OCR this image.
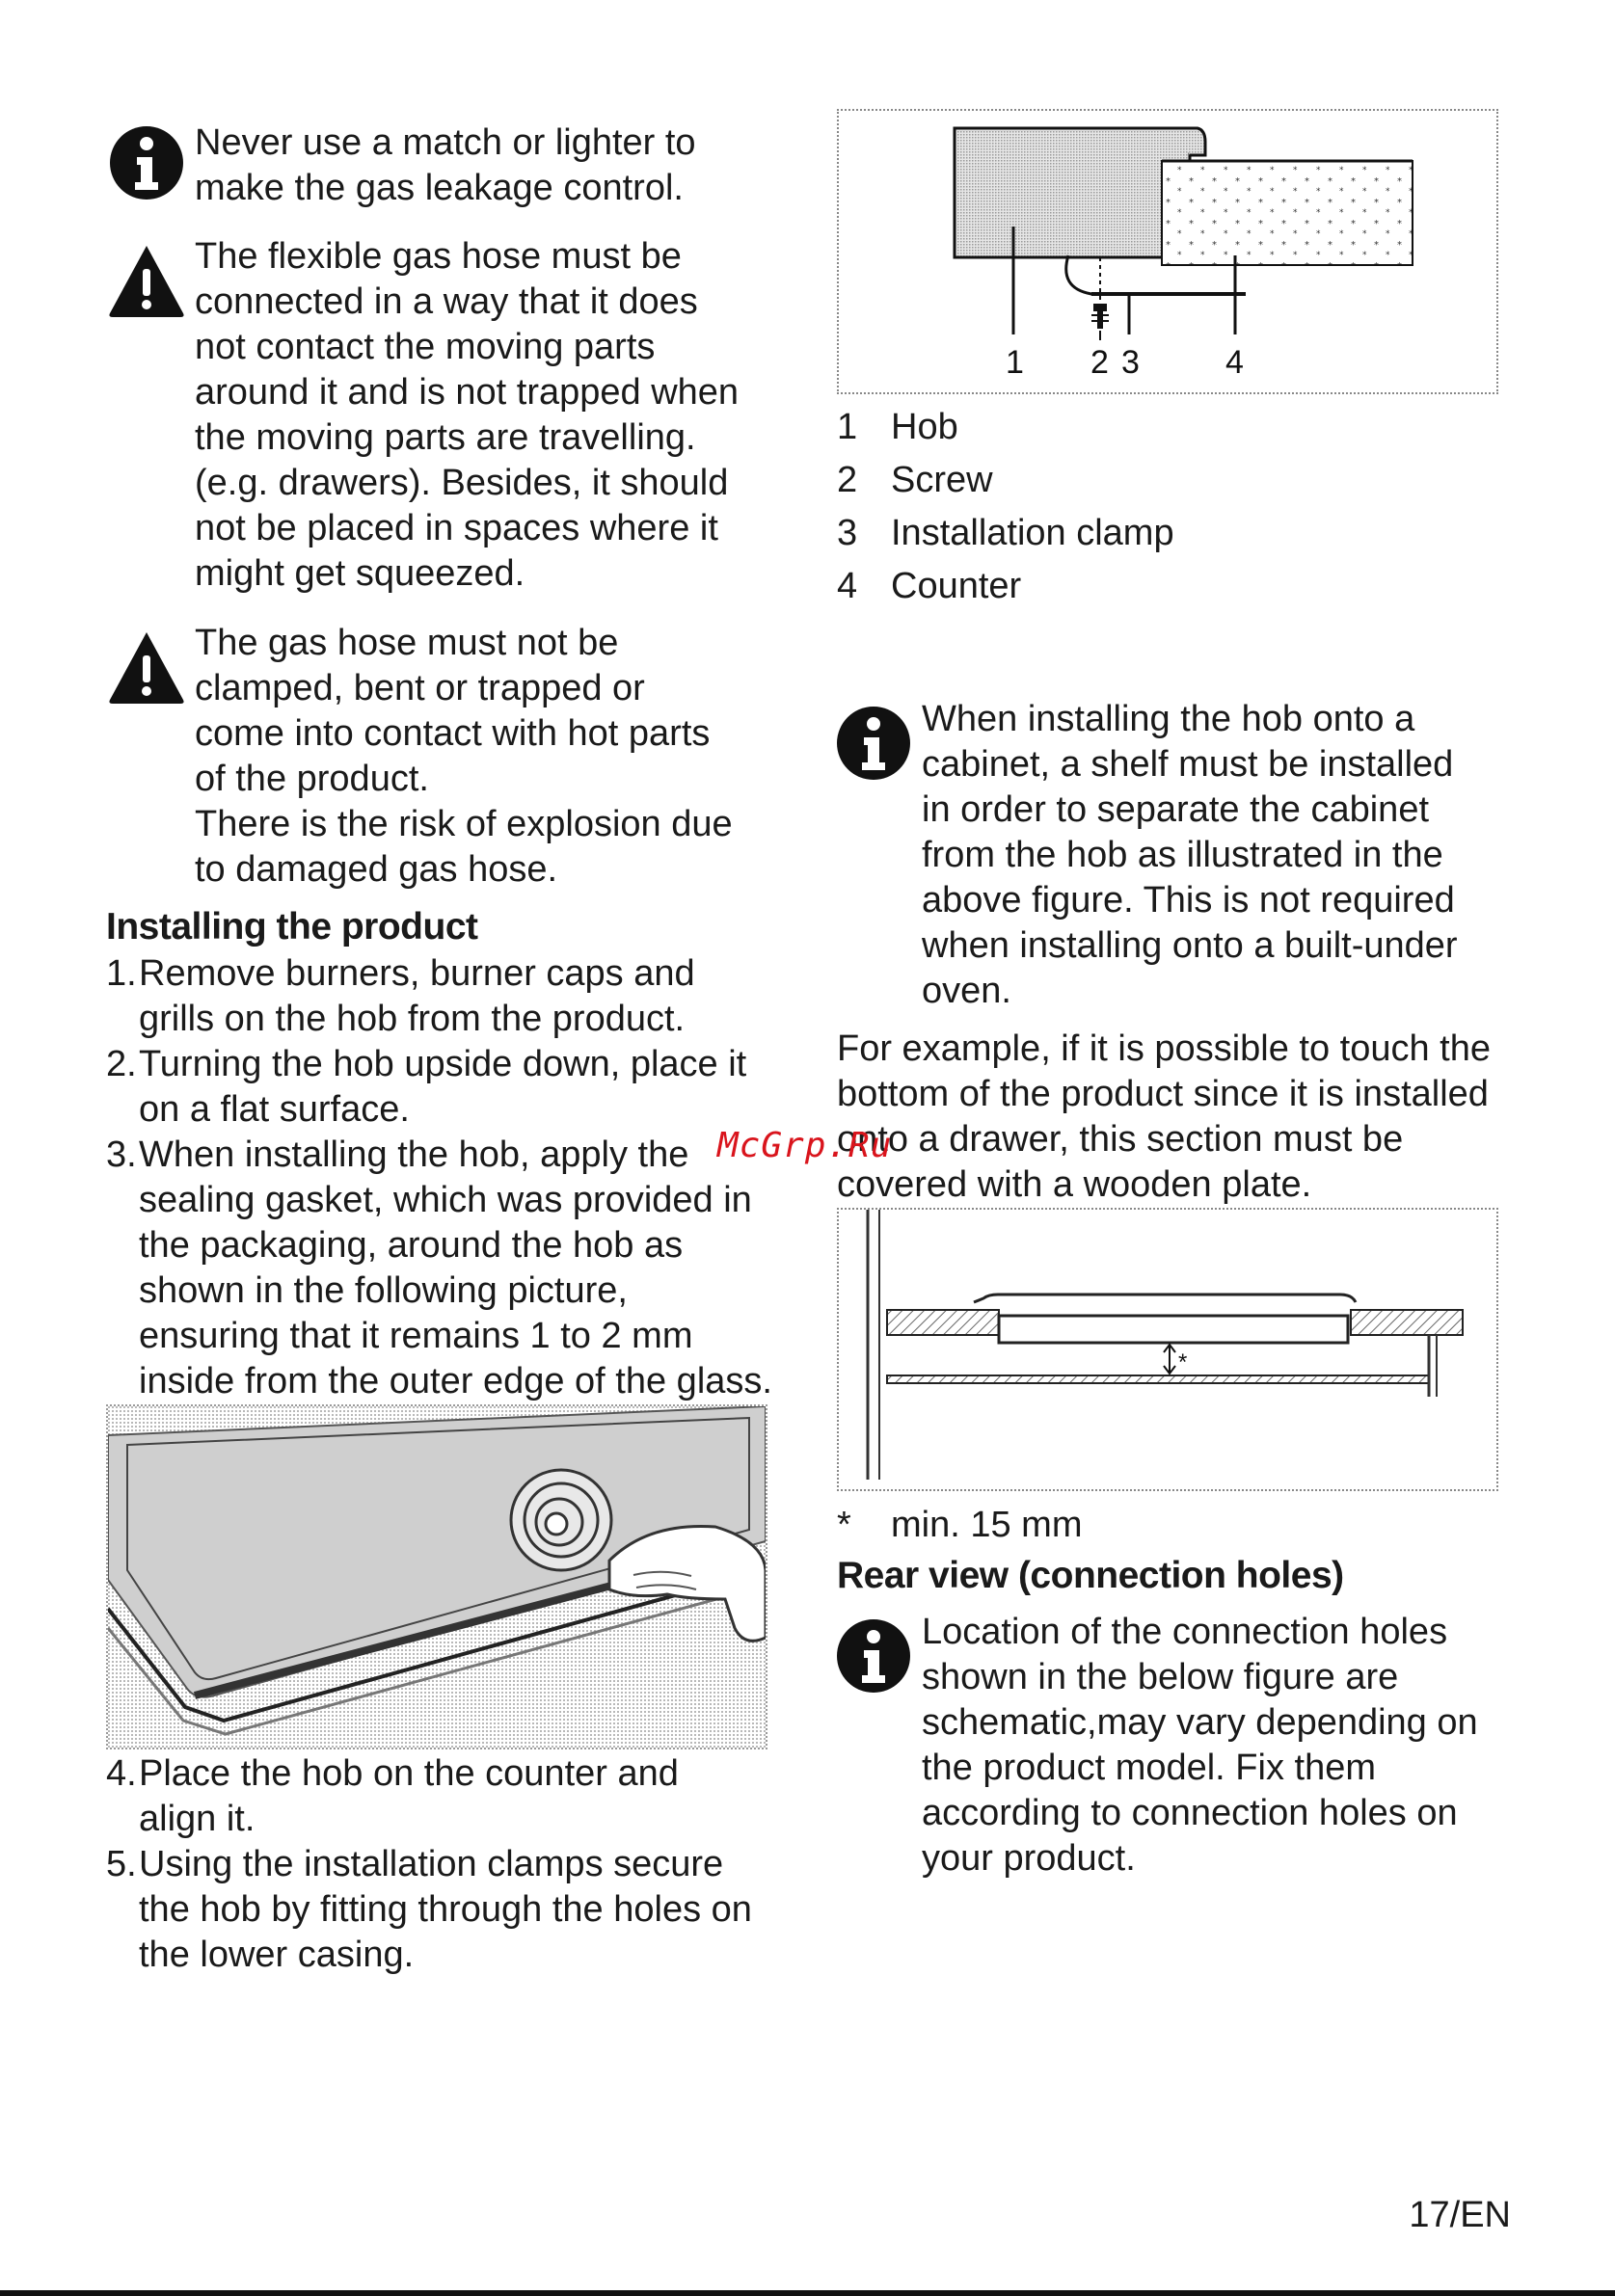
Never use a match or lighter to
make the gas leakage control.
The flexible gas hose must be
connected in a way that it does
not contact the moving parts
around it and is not trapped when
the moving parts are travelling.
(e.g. drawers). Besides, it should
not be placed in spaces where it
might get squeezed.
The gas hose must not be
clamped, bent or trapped or
come into contact with hot parts
of the product.
There is the risk of explosion due
to damaged gas hose.
Installing the product
1. Remove burners, burner caps and
grills on the hob from the product.
2. Turning the hob upside down, place it
on a flat surface.
3. When installing the hob, apply the
sealing gasket, which was provided in
the packaging, around the hob as
shown in the following picture,
ensuring that it remains 1 to 2 mm
inside from the outer edge of the glass.
4. Place the hob on the counter and
align it.
5. Using the installation clamps secure
the hob by fitting through the holes on
the lower casing.
1 2 3	4
1 Hob
2 Screw
3 Installation clamp
4 Counter
When installing the hob onto a
cabinet, a shelf must be installed
in order to separate the cabinet
from the hob as illustrated in the
above figure. This is not required
when installing onto a built-under
oven.
For example, if it is possible to touch the
bottom of the product since it is installed
onto a drawer, this section must be
covered with a wooden plate.
*
* min. 15 mm
Rear view (connection holes)
Location of the connection holes
shown in the below figure are
schematic,may vary depending on
the product model. Fix them
according to connection holes on
your product.
McGrp.Ru
17/EN
